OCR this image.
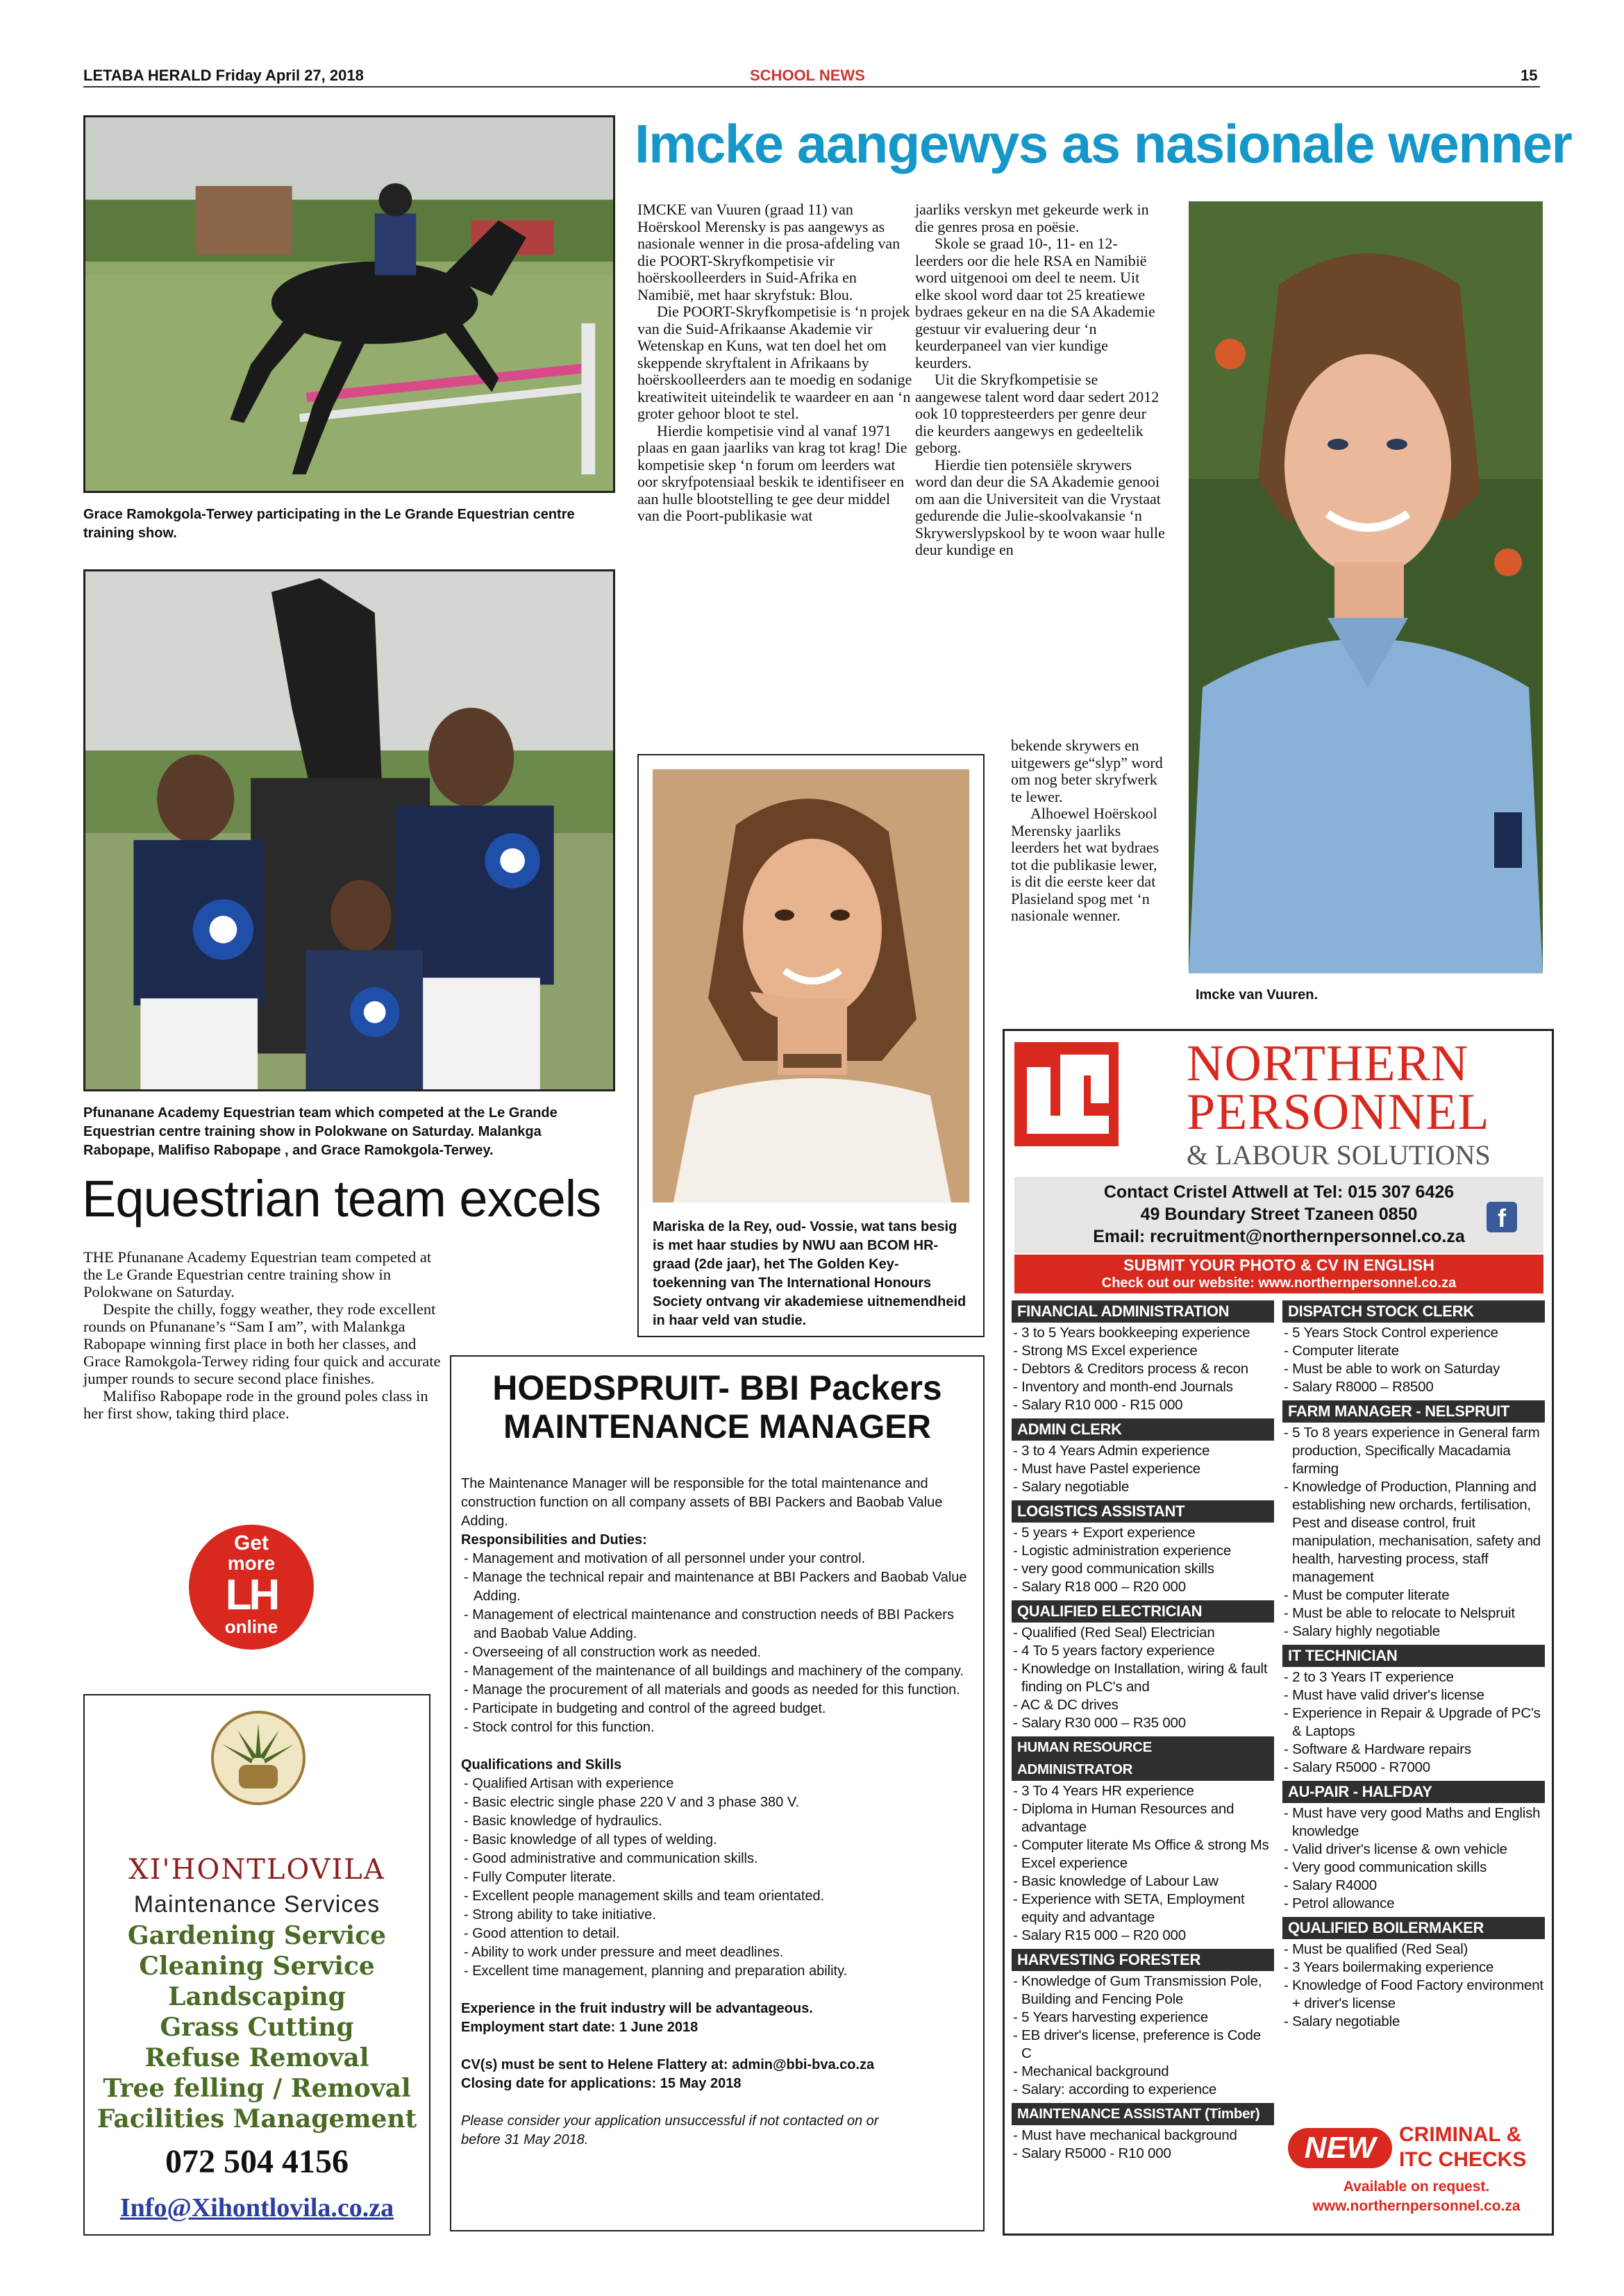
LETABA HERALD Friday April 27, 2018	SCHOOL NEWS	15
Grace Ramokgola-Terwey participating in the Le Grande Equestrian centre training show.
Pfunanane Academy Equestrian team which competed at the Le Grande Equestrian centre training show in Polokwane on Saturday. Malankga Rabopape, Malifiso Rabopape , and Grace Ramokgola-Terwey.
Equestrian team excels

THE Pfunanane Academy Equestrian team competed at the Le Grande Equestrian centre training show in Polokwane on Saturday.

Despite the chilly, foggy weather, they rode excellent rounds on Pfunanane’s “Sam I am”, with Malankga Rabopape winning first place in both her classes, and Grace Ramokgola-Terwey riding four quick and accurate jumper rounds to secure second place finishes.

Malifiso Rabopape rode in the ground poles class in her first show, taking third place.

Get
more
LH
online
XI'HONTLOVILA
Maintenance Services
Gardening Service
Cleaning Service
Landscaping
Grass Cutting
Refuse Removal
Tree felling / Removal
Facilities Management
072 504 4156
Info@Xihontlovila.co.za
Imcke aangewys as nasionale wenner

IMCKE van Vuuren (graad 11) van Hoërskool Merensky is pas aangewys as nasionale wenner in die prosa-afdeling van die POORT-Skryfkompetisie vir hoërskoolleerders in Suid-Afrika en Namibië, met haar skryfstuk: Blou.

Die POORT-Skryfkompetisie is ‘n projek van die Suid-Afrikaanse Akademie vir Wetenskap en Kuns, wat ten doel het om skeppende skryftalent in Afrikaans by hoërskoolleerders aan te moedig en sodanige kreatiwiteit uiteindelik te waardeer en aan ‘n groter gehoor bloot te stel.

Hierdie kompetisie vind al vanaf 1971 plaas en gaan jaarliks van krag tot krag! Die kompetisie skep ‘n forum om leerders wat oor skryfpotensiaal beskik te identifiseer en aan hulle blootstelling te gee deur middel van die Poort-publikasie wat

jaarliks verskyn met gekeurde werk in die genres prosa en poësie.

Skole se graad 10-, 11- en 12-leerders oor die hele RSA en Namibië word uitgenooi om deel te neem. Uit elke skool word daar tot 25 kreatiewe bydraes gekeur en na die SA Akademie gestuur vir evaluering deur ‘n keurderpaneel van vier kundige keurders.

Uit die Skryfkompetisie se aangewese talent word daar sedert 2012 ook 10 toppresteerders per genre deur die keurders aangewys en gedeeltelik geborg.

Hierdie tien potensiële skrywers word dan deur die SA Akademie genooi om aan die Universiteit van die Vrystaat gedurende die Julie-skoolvakansie ‘n Skrywerslypskool by te woon waar hulle deur kundige en

bekende skrywers en uitgewers ge“slyp” word om nog beter skryfwerk te lewer.

Alhoewel Hoërskool Merensky jaarliks leerders het wat bydraes tot die publikasie lewer, is dit die eerste keer dat Plasieland spog met ‘n nasionale wenner.

Mariska de la Rey, oud- Vossie, wat tans besig is met haar studies by NWU aan BCOM HR-graad (2de jaar), het The Golden Key-toekenning van The International Honours Society ontvang vir akademiese uitnemendheid in haar veld van studie.
Imcke van Vuuren.
HOEDSPRUIT- BBI Packers
MAINTENANCE MANAGER
The Maintenance Manager will be responsible for the total maintenance and construction function on all company assets of BBI Packers and Baobab Value Adding.
Responsibilities and Duties:
- Management and motivation of all personnel under your control.
- Manage the technical repair and maintenance at BBI Packers and Baobab Value Adding.
- Management of electrical maintenance and construction needs of BBI Packers and Baobab Value Adding.
- Overseeing of all construction work as needed.
- Management of the maintenance of all buildings and machinery of the company.
- Manage the procurement of all materials and goods as needed for this function.
- Participate in budgeting and control of the agreed budget.
- Stock control for this function.
Qualifications and Skills
- Qualified Artisan with experience
- Basic electric single phase 220 V and 3 phase 380 V.
- Basic knowledge of hydraulics.
- Basic knowledge of all types of welding.
- Good administrative and communication skills.
- Fully Computer literate.
- Excellent people management skills and team orientated.
- Strong ability to take initiative.
- Good attention to detail.
- Ability to work under pressure and meet deadlines.
- Excellent time management, planning and preparation ability.
Experience in the fruit industry will be advantageous.
Employment start date: 1 June 2018
CV(s) must be sent to Helene Flattery at: admin@bbi-bva.co.za
Closing date for applications: 15 May 2018
Please consider your application unsuccessful if not contacted on or before 31 May 2018.
NORTHERN
PERSONNEL
& LABOUR SOLUTIONS
Contact Cristel Attwell at Tel: 015 307 6426
49 Boundary Street Tzaneen 0850
Email: recruitment@northernpersonnel.co.za
f
SUBMIT YOUR PHOTO & CV IN ENGLISH
Check out our website: www.northernpersonnel.co.za
FINANCIAL ADMINISTRATION
- 3 to 5 Years bookkeeping experience
- Strong MS Excel experience
- Debtors & Creditors process & recon
- Inventory and month-end Journals
- Salary R10 000 - R15 000
ADMIN CLERK
- 3 to 4 Years Admin experience
- Must have Pastel experience
- Salary negotiable
LOGISTICS ASSISTANT
- 5 years + Export experience
- Logistic administration experience
- very good communication skills
- Salary R18 000 – R20 000
QUALIFIED ELECTRICIAN
- Qualified (Red Seal) Electrician
- 4 To 5 years factory experience
- Knowledge on Installation, wiring & fault finding on PLC's and
- AC & DC drives
- Salary R30 000 – R35 000
HUMAN RESOURCE ADMINISTRATOR
- 3 To 4 Years HR experience
- Diploma in Human Resources and advantage
- Computer literate Ms Office & strong Ms Excel experience
- Basic knowledge of Labour Law
- Experience with SETA, Employment equity and advantage
- Salary R15 000 – R20 000
HARVESTING FORESTER
- Knowledge of Gum Transmission Pole, Building and Fencing Pole
- 5 Years harvesting experience
- EB driver's license, preference is Code C
- Mechanical background
- Salary: according to experience
MAINTENANCE ASSISTANT (Timber)
- Must have mechanical background
- Salary R5000 - R10 000
DISPATCH STOCK CLERK
- 5 Years Stock Control experience
- Computer literate
- Must be able to work on Saturday
- Salary R8000 – R8500
FARM MANAGER - NELSPRUIT
- 5 To 8 years experience in General farm production, Specifically Macadamia farming
- Knowledge of Production, Planning and establishing new orchards, fertilisation, Pest and disease control, fruit manipulation, mechanisation, safety and health, harvesting process, staff management
- Must be computer literate
- Must be able to relocate to Nelspruit
- Salary highly negotiable
IT TECHNICIAN
- 2 to 3 Years IT experience
- Must have valid driver's license
- Experience in Repair & Upgrade of PC's & Laptops
- Software & Hardware repairs
- Salary R5000 - R7000
AU-PAIR - HALFDAY
- Must have very good Maths and English knowledge
- Valid driver's license & own vehicle
- Very good communication skills
- Salary R4000
- Petrol allowance
QUALIFIED BOILERMAKER
- Must be qualified (Red Seal)
- 3 Years boilermaking experience
- Knowledge of Food Factory environment + driver's license
- Salary negotiable
NEW	CRIMINAL &
ITC CHECKS
Available on request.
www.northernpersonnel.co.za
